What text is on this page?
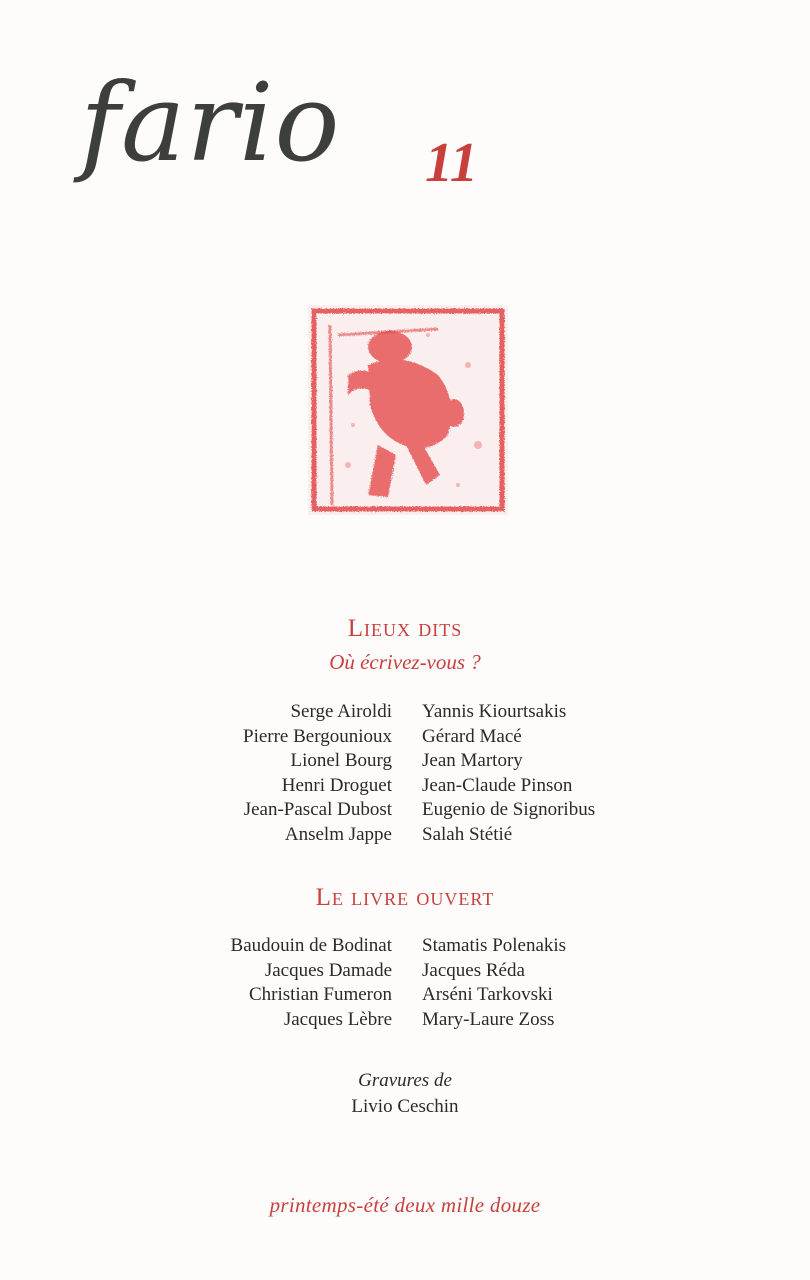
fario 11
Lieux dits
Où écrivez-vous ?
Serge Airoldi
Pierre Bergounioux
Lionel Bourg
Henri Droguet
Jean-Pascal Dubost
Anselm Jappe
Yannis Kiourtsakis
Gérard Macé
Jean Martory
Jean-Claude Pinson
Eugenio de Signoribus
Salah Stétié
Le livre ouvert
Baudouin de Bodinat
Jacques Damade
Christian Fumeron
Jacques Lèbre
Stamatis Polenakis
Jacques Réda
Arséni Tarkovski
Mary-Laure Zoss
Gravures de
Livio Ceschin
printemps-été deux mille douze
